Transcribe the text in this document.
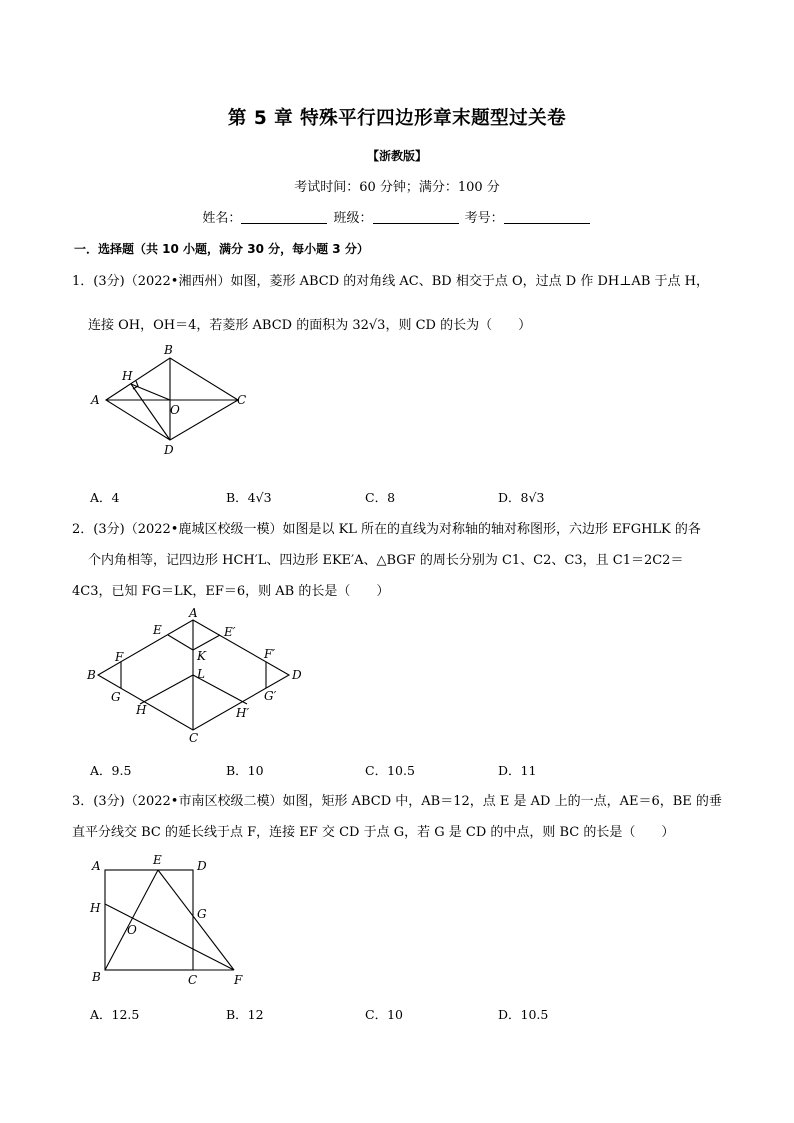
第 5 章 特殊平行四边形章末题型过关卷
【浙教版】
考试时间：60 分钟；满分：100 分
姓名：	班级：	考号：
一．选择题（共 10 小题，满分 30 分，每小题 3 分）
1．(3分)（2022•湘西州）如图，菱形 ABCD 的对角线 AC、BD 相交于点 O，过点 D 作 DH⊥AB 于点 H，
连接 OH，OH＝4，若菱形 ABCD 的面积为 32√3，则 CD 的长为（　　）
A
B
C
D
H
O
A．4	B．4√3	C．8	D．8√3
2．(3分)（2022•鹿城区校级一模）如图是以 KL 所在的直线为对称轴的轴对称图形，六边形 EFGHLK 的各
个内角相等，记四边形 HCH′L、四边形 EKE′A、△BGF 的周长分别为 C1、C2、C3，且 C1＝2C2＝
4C3，已知 FG＝LK，EF＝6，则 AB 的长是（　　）
A
E	E′
K
F	F′
B	D
L
G	G′
H	H′
C
A．9.5	B．10	C．10.5	D．11
3．(3分)（2022•市南区校级二模）如图，矩形 ABCD 中，AB＝12，点 E 是 AD 上的一点，AE＝6，BE 的垂
直平分线交 BC 的延长线于点 F，连接 EF 交 CD 于点 G，若 G 是 CD 的中点，则 BC 的长是（　　）
A	E	D
H	G
O
B	C	F
A．12.5	B．12	C．10	D．10.5
